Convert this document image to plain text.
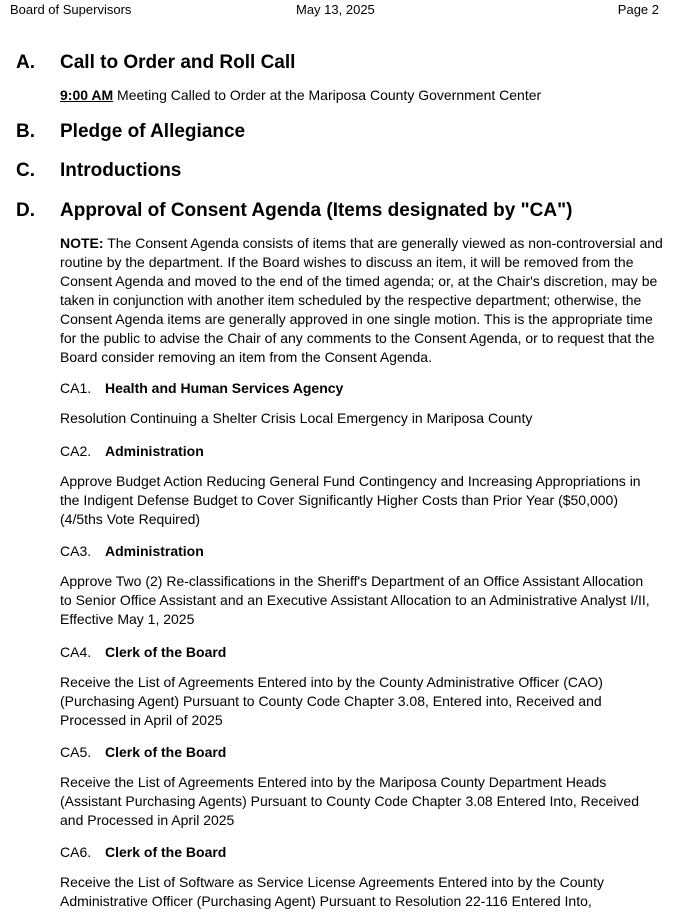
Board of Supervisors	May 13, 2025	Page 2
A. Call to Order and Roll Call
9:00 AM Meeting Called to Order at the Mariposa County Government Center
B. Pledge of Allegiance
C. Introductions
D. Approval of Consent Agenda (Items designated by "CA")
NOTE: The Consent Agenda consists of items that are generally viewed as non-controversial and routine by the department. If the Board wishes to discuss an item, it will be removed from the Consent Agenda and moved to the end of the timed agenda; or, at the Chair's discretion, may be taken in conjunction with another item scheduled by the respective department; otherwise, the Consent Agenda items are generally approved in one single motion. This is the appropriate time for the public to advise the Chair of any comments to the Consent Agenda, or to request that the Board consider removing an item from the Consent Agenda.
CA1. Health and Human Services Agency
Resolution Continuing a Shelter Crisis Local Emergency in Mariposa County
CA2. Administration
Approve Budget Action Reducing General Fund Contingency and Increasing Appropriations in
the Indigent Defense Budget to Cover Significantly Higher Costs than Prior Year ($50,000)
(4/5ths Vote Required)
CA3. Administration
Approve Two (2) Re-classifications in the Sheriff's Department of an Office Assistant Allocation
to Senior Office Assistant and an Executive Assistant Allocation to an Administrative Analyst I/II,
Effective May 1, 2025
CA4. Clerk of the Board
Receive the List of Agreements Entered into by the County Administrative Officer (CAO)
(Purchasing Agent) Pursuant to County Code Chapter 3.08, Entered into, Received and
Processed in April of 2025
CA5. Clerk of the Board
Receive the List of Agreements Entered into by the Mariposa County Department Heads
(Assistant Purchasing Agents) Pursuant to County Code Chapter 3.08 Entered Into, Received
and Processed in April 2025
CA6. Clerk of the Board
Receive the List of Software as Service License Agreements Entered into by the County
Administrative Officer (Purchasing Agent) Pursuant to Resolution 22-116 Entered Into,
